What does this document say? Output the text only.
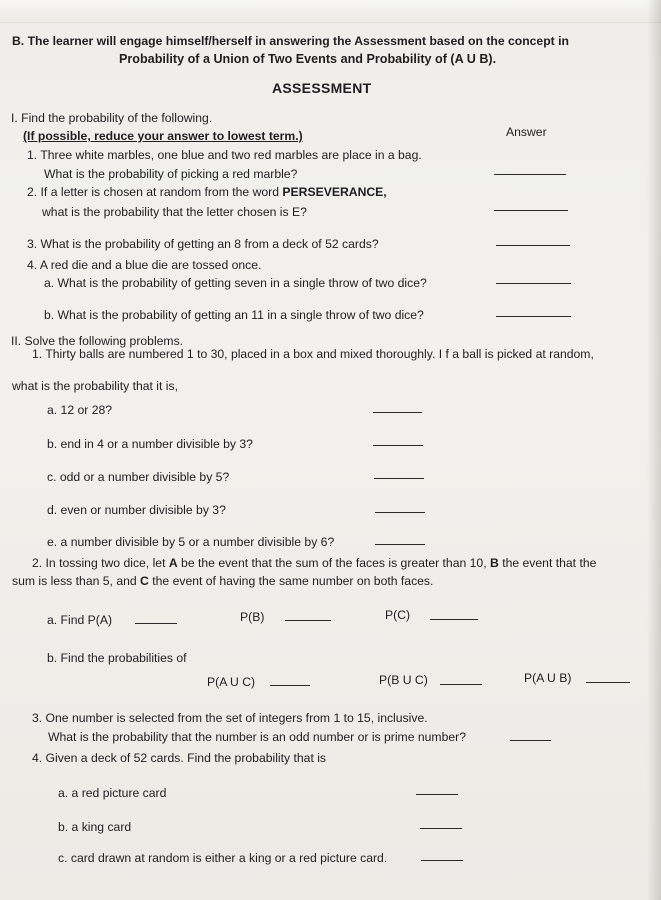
B. The learner will engage himself/herself in answering the Assessment based on the concept in
Probability of a Union of Two Events and Probability of (A U B).
ASSESSMENT
I. Find the probability of the following.
(If possible, reduce your answer to lowest term.)	Answer
1. Three white marbles, one blue and two red marbles are place in a bag.
What is the probability of picking a red marble?
2. If a letter is chosen at random from the word PERSEVERANCE,
what is the probability that the letter chosen is E?
3. What is the probability of getting an 8 from a deck of 52 cards?
4. A red die and a blue die are tossed once.
a. What is the probability of getting seven in a single throw of two dice?
b. What is the probability of getting an 11 in a single throw of two dice?
II. Solve the following problems.
1. Thirty balls are numbered 1 to 30, placed in a box and mixed thoroughly. I f a ball is picked at random,
what is the probability that it is,
a. 12 or 28?
b. end in 4 or a number divisible by 3?
c. odd or a number divisible by 5?
d. even or number divisible by 3?
e. a number divisible by 5 or a number divisible by 6?
2. In tossing two dice, let A be the event that the sum of the faces is greater than 10, B the event that the
sum is less than 5, and C the event of having the same number on both faces.
a. Find P(A)	P(B)	P(C)
b. Find the probabilities of
P(A U C)	P(B U C)	P(A U B)
3. One number is selected from the set of integers from 1 to 15, inclusive.
What is the probability that the number is an odd number or is prime number?
4. Given a deck of 52 cards. Find the probability that is
a. a red picture card
b. a king card
c. card drawn at random is either a king or a red picture card.
